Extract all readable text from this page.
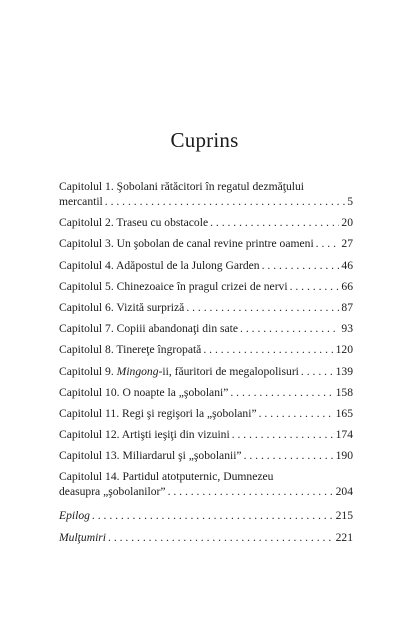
Cuprins
Capitolul 1. Şobolani rătăcitori în regatul dezmăţului
mercantil . . .	5
Capitolul 2. Traseu cu obstacole . . .	20
Capitolul 3. Un şobolan de canal revine printre oameni . . . 27
Capitolul 4. Adăpostul de la Julong Garden . . .	46
Capitolul 5. Chinezoaice în pragul crizei de nervi . . .	66
Capitolul 6. Vizită surpriză . . .	87
Capitolul 7. Copiii abandonaţi din sate . . .	93
Capitolul 8. Tinereţe îngropată . . .	120
Capitolul 9. Mingong-ii, făuritori de megalopolisuri . . .	139
Capitolul 10. O noapte la „şobolani” . . .	158
Capitolul 11. Regi şi regişori la „şobolani” . . .	165
Capitolul 12. Artişti ieşiţi din vizuini . . .	174
Capitolul 13. Miliardarul şi „şobolanii” . . .	190
Capitolul 14. Partidul atotputernic, Dumnezeu
deasupra „şobolanilor” . . .	204
Epilog . . .	215
Mulţumiri . . .	221
